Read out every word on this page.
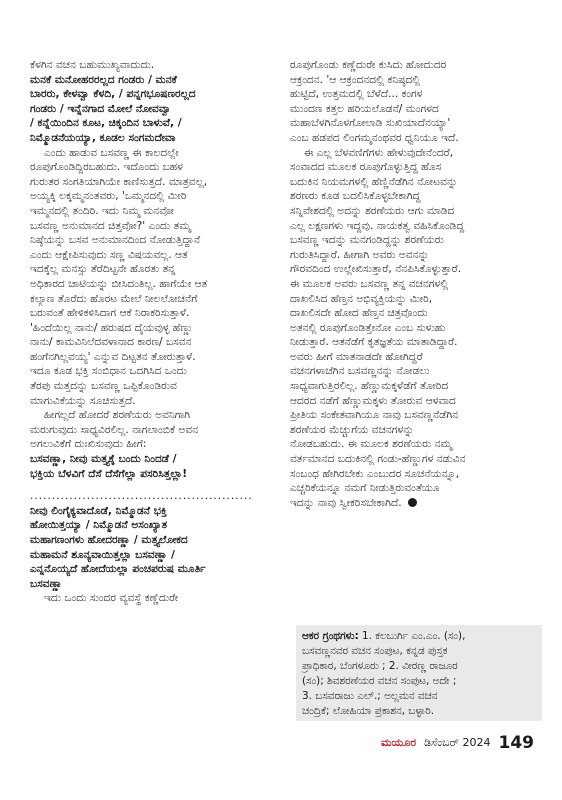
ಕೆಳಗಿನ ವಚನ ಬಹುಮುಖ್ಯವಾದುದು.
ಮನಕೆ ಮನೋಹರರಲ್ಲದ ಗಂಡರು / ಮನಕೆ
ಬಾರರು, ಕೇಳವ್ವಾ ಕೆಳದಿ, / ಪನ್ನಗಭೂಷಣರಲ್ಲದ
ಗಂಡರು / ಇನ್ನೆನಗಾದ ಮೋಲೆ ನೋವವ್ವಾ
/ ಕನ್ನೆಯಿಂದಿನ ಕೂಟ, ಚಿಕ್ಕಂದಿನ ಬಾಳುವೆ, /
ನಿಮ್ಮೊಡನೆಯಯ್ಯಾ, ಕೂಡಲ ಸಂಗಮದೇವಾ
ಎಂದು ಹಾಡುವ ಬಸವಣ್ಣ ಈ ಕಾಲದಲ್ಲೇ
ರೂಪುಗೊಂಡಿದ್ದಿರಬಹುದು. ಇದೊಂದು ಬಹಳ
ಗುರುತರ ಸಂಗತಿಯಾಗಿಯೇ ಕಾಣಿಸುತ್ತದೆ. ಮಾತ್ರವಲ್ಲ,
ಅಯ್ಯಕ್ಕಿ ಲಕ್ಕಮ್ಮನಂತವರು, 'ಒಮ್ಮನದಲ್ಲಿ ಮೀರಿ
ಇಮ್ಮನದಲ್ಲಿ ತಂದಿರಿ. ಇದು ನಿಮ್ಮ ಮನವೋ
ಬಸವಣ್ಣ ಅನುಮಾನದ ಚಿತ್ತವೋ?' ಎಂದು ತಮ್ಮ
ನಿಷ್ಠೆಯನ್ನು ಬಸವ ಅನುಮಾನದಿಂದ ನೋಡುತ್ತಿದ್ದಾನೆ
ಎಂದು ಆಕ್ಷೇಪಿಸುವುದು ಸಣ್ಣ ವಿಷಯವಲ್ಲ. ಆತ
ಇದಕ್ಕೆಲ್ಲ ಮನಸ್ಸು ತೆರೆದಿಟ್ಟನೇ ಹೊರತು ತನ್ನ
ಅಧಿಕಾರದ ಚಾಟಿಯನ್ನು ಬೀಸಿದಂತಿಲ್ಲ. ಹಾಗೆಯೇ ಆತ
ಕಲ್ಯಾಣ ತೊರೆದು ಹೊರಟ ಮೇಲೆ ನೀಲಲೋಚನೆಗೆ
ಬರುವಂತೆ ಹೇಳಿಕಳಿಸಿದಾಗ ಆಕೆ ನಿರಾಕರಿಸುತ್ತಾಳೆ.
'ಹಿಂದೆಯಿಲ್ಲ ನಾನು/ ಹರುಷದ ದೈಯವುಳ್ಳ ಹೆಣ್ಣು
ನಾನು/ ಕಾಮವಿನಿಲೆದವಳಾನಾದ ಕಾರಣ/ ಬಸವನ
ಹಂಗೆನಗಿಲ್ಲವಯ್ಯ' ಎನ್ನುವ ದಿಟ್ಟತನ ತೋರುತ್ತಾಳೆ.
ಇದೂ ಕೂಡ ಭಕ್ತಿ ಸಂಬಿಧಾನ ಒದಗಿಸಿದ ಒಂದು
ತೆರಪು ಮತ್ತದನ್ನು ಬಸವಣ್ಣ ಒಪ್ಪಿಕೊಂಡಿರುವ
ಮಾಗುವಿಕೆಯನ್ನು ಸೂಚಿಸುತ್ತದೆ.
ಹೀಗಲ್ಲದೆ ಹೋದರೆ ಶರಣೆಯರು ಅವನಿಗಾಗಿ
ಮರುಗುವುದು ಸಾಧ್ಯವಿರಲಿಲ್ಲ. ನಾಗಲಾಂಬಿಕೆ ಅವನ
ಅಗಲುವಿಕೆಗೆ ದುಃಖಿಸುವುದು ಹೀಗೆ:
ಬಸವಣ್ಣಾ, ನೀವು ಮತ್ತ್ಯಕ್ಕೆ ಬಂದು ನಿಂದಡೆ /
ಭಕ್ತಿಯ ಬೆಳವಿಗೆ ದೆಸೆ ದೆಸೆಗೆಲ್ಲಾ ಪಸರಿಸಿತ್ತಲ್ಲಾ!
...................................................
ನೀವು ಲಿಂಗೈಕ್ಯವಾದೊಡೆ, ನಿಮ್ಮೊಡನೆ ಭಕ್ತಿ
ಹೋಯಿತ್ತಯ್ಯಾ / ನಿಮ್ಮೊಡನೆ ಅಸಂಖ್ಯಾತ
ಮಹಾಗಣಂಗಳು ಹೋದರಣ್ಣಾ / ಮತ್ತ್ಯಲೋಕದ
ಮಹಾಮನೆ ಶೂನ್ಯವಾಯಿತ್ತಲ್ಲಾ ಬಸವಣ್ಣಾ /
ಎನ್ನನೊಯ್ಯದೆ ಹೋದೆಯಲ್ಲಾ ಪಂಚಪರುಷ ಮೂರ್ತಿ
ಬಸವಣ್ಣಾ
ಇದು ಒಂದು ಸುಂದರ ವ್ಯವಸ್ಥೆ ಕಣ್ಣೆದುರೇ
ರೂಪುಗೊಂಡು ಕಣ್ಣೆದುರೇ ಕುಸಿದು ಹೋದುದರ
ಆಕ್ರಂದನ. 'ಆ ಆಕ್ರಂದನದಲ್ಲಿ ಕನಿಷ್ಠದಲ್ಲಿ
ಹುಟ್ಟಿದೆ, ಉತ್ತಮದಲ್ಲಿ ಬೆಳೆದೆ... ಕಂಗಳ
ಮುಂದಣ ಕತ್ತಲ ಹರಿಯಲೊಡನೆ/ ಮಂಗಳದ
ಮಹಾಬೆಳಗಿನೊಳಗೋಲಾಡಿ ಸುಖಿಯಾದೆನಯ್ಯಾ'
ಎಂಬ ಹಡಪದ ಲಿಂಗಮ್ಮನಂಥವರ ಧ್ವನಿಯೂ ಇದೆ.
ಈ ಎಲ್ಲ ಬೆಳವಣಿಗೆಗಳು ಹೇಳುವುದೇನೆಂದರೆ,
ಸಂವಾದದ ಮೂಲಕ ರೂಪುಗೊಳ್ಳುತ್ತಿದ್ದ ಹೊಸ
ಬದುಕಿನ ನಿಯಮಗಳಲ್ಲಿ ಹೆಣ್ಣಿನೆಡೆಗಿನ ನೋಟವನ್ನು
ಶರಣರು ಕೂಡ ಬದಲಿಸಿಕೊಳ್ಳಬೇಕಾಗಿದ್ದ
ಸನ್ನಿವೇಶದಲ್ಲಿ ಅದನ್ನು ಶರಣೆಯರು ಆಗು ಮಾಡಿದ
ಎಲ್ಲ ಲಕ್ಷಣಗಳು ಇದ್ದವು. ನಾಯಕತ್ವ ವಹಿಸಿಕೊಂಡಿದ್ದ
ಬಸವಣ್ಣ ಇದನ್ನು ಮನಗಂಡಿದ್ದನ್ನು ಶರಣೆಯರು
ಗುರುತಿಸಿದ್ದಾರೆ. ಹೀಗಾಗಿ ಅವರು ಅವನನ್ನು
ಗೌರವದಿಂದ ಉಲ್ಲೇಖಿಸುತ್ತಾರೆ, ನೆನಪಿಸಿಕೊಳ್ಳುತ್ತಾರೆ.
ಈ ಮೂಲಕ ಅವರು ಬಸವಣ್ಣ ತನ್ನ ವಚನಗಳಲ್ಲಿ
ದಾಖಲಿಸಿದ ಹೆಣ್ತನ ಅಭಿವ್ಯಕ್ತಿಯನ್ನು ಮೀರಿ,
ದಾಖಲಿಸದೇ ಹೋದ ಹೆಣ್ತನ ಚಿತ್ರವೊಂದು
ಅತನಲ್ಲಿ ರೂಪುಗೊಂಡಿತ್ತೇನೋ ಎಂಬ ಸುಳುಹು
ನೀಡುತ್ತಾರೆ. ಆತನೆಡೆಗೆ ಕೃತಜ್ಞತೆಯ ಮಾತಾಡಿದ್ದಾರೆ.
ಅವರು ಹೀಗೆ ಮಾತನಾಡದೇ ಹೋಗಿದ್ದರೆ
ವಚನಗಳಾಚೆಗಿನ ಬಸವಣ್ಣನನ್ನು ನೋಡಲು
ಸಾಧ್ಯವಾಗುತ್ತಿರಲಿಲ್ಲ. ಹೆಣ್ಣುಮಕ್ಕಳೆಡೆಗೆ ತೋರಿದ
ಆದರದ ನಡೆಗೆ ಹೆಣ್ಣುಮಕ್ಕಳು ತೋರುವ ಆಳವಾದ
ಪ್ರೀತಿಯ ಸಂಕೇತವಾಗಿಯೂ ನಾವು ಬಸವಣ್ಣನೆಡೆಗಿನ
ಶರಣೆಯರ ಮೆಚ್ಚುಗೆಯ ವಚನಗಳನ್ನು
ನೋಡಬಹುದು. ಈ ಮೂಲಕ ಶರಣೆಯರು ನಮ್ಮ
ವರ್ತಮಾನದ ಬದುಕಿನಲ್ಲಿ ಗಂಡು-ಹೆಣ್ಣುಗಳ ನಡುವಿನ
ಸಂಬಂಧ ಹೇಗಿರಬೇಕು ಎಂಬುದರ ಸೂಚನೆಯನ್ನೂ,
ಎಚ್ಚರಿಕೆಯನ್ನೂ ನಮಗೆ ನೀಡುತ್ತಿರುವಂತೆಯೂ
ಇದನ್ನು ನಾವು ಸ್ವೀಕರಿಸಬೇಕಾಗಿದೆ.
ಆಕರ ಗ್ರಂಥಗಳು: 1. ಕಲಬುರ್ಗಿ ಎಂ.ಎಂ. (ಸಂ),
ಬಸವಣ್ಣನವರ ವಚನ ಸಂಪುಟ, ಕನ್ನಡ ಪುಸ್ತಕ
ಪ್ರಾಧಿಕಾರ, ಬೆಂಗಳೂರು ; 2. ವೀರಣ್ಣ ರಾಜೂರ
(ಸಂ); ಶಿವಶರಣೆಯರ ವಚನ ಸಂಪುಟ, ಅದೇ ;
3. ಬಸವರಾಜು ಎಲ್.; ಅಲ್ಲಮನ ವಚನ
ಚಂದ್ರಿಕೆ; ಲೋಹಿಯಾ ಪ್ರಕಾಶನ, ಬಳ್ಳಾರಿ.
ಮಯೂರ ಡಿಸೆಂಬರ್ 2024 149
